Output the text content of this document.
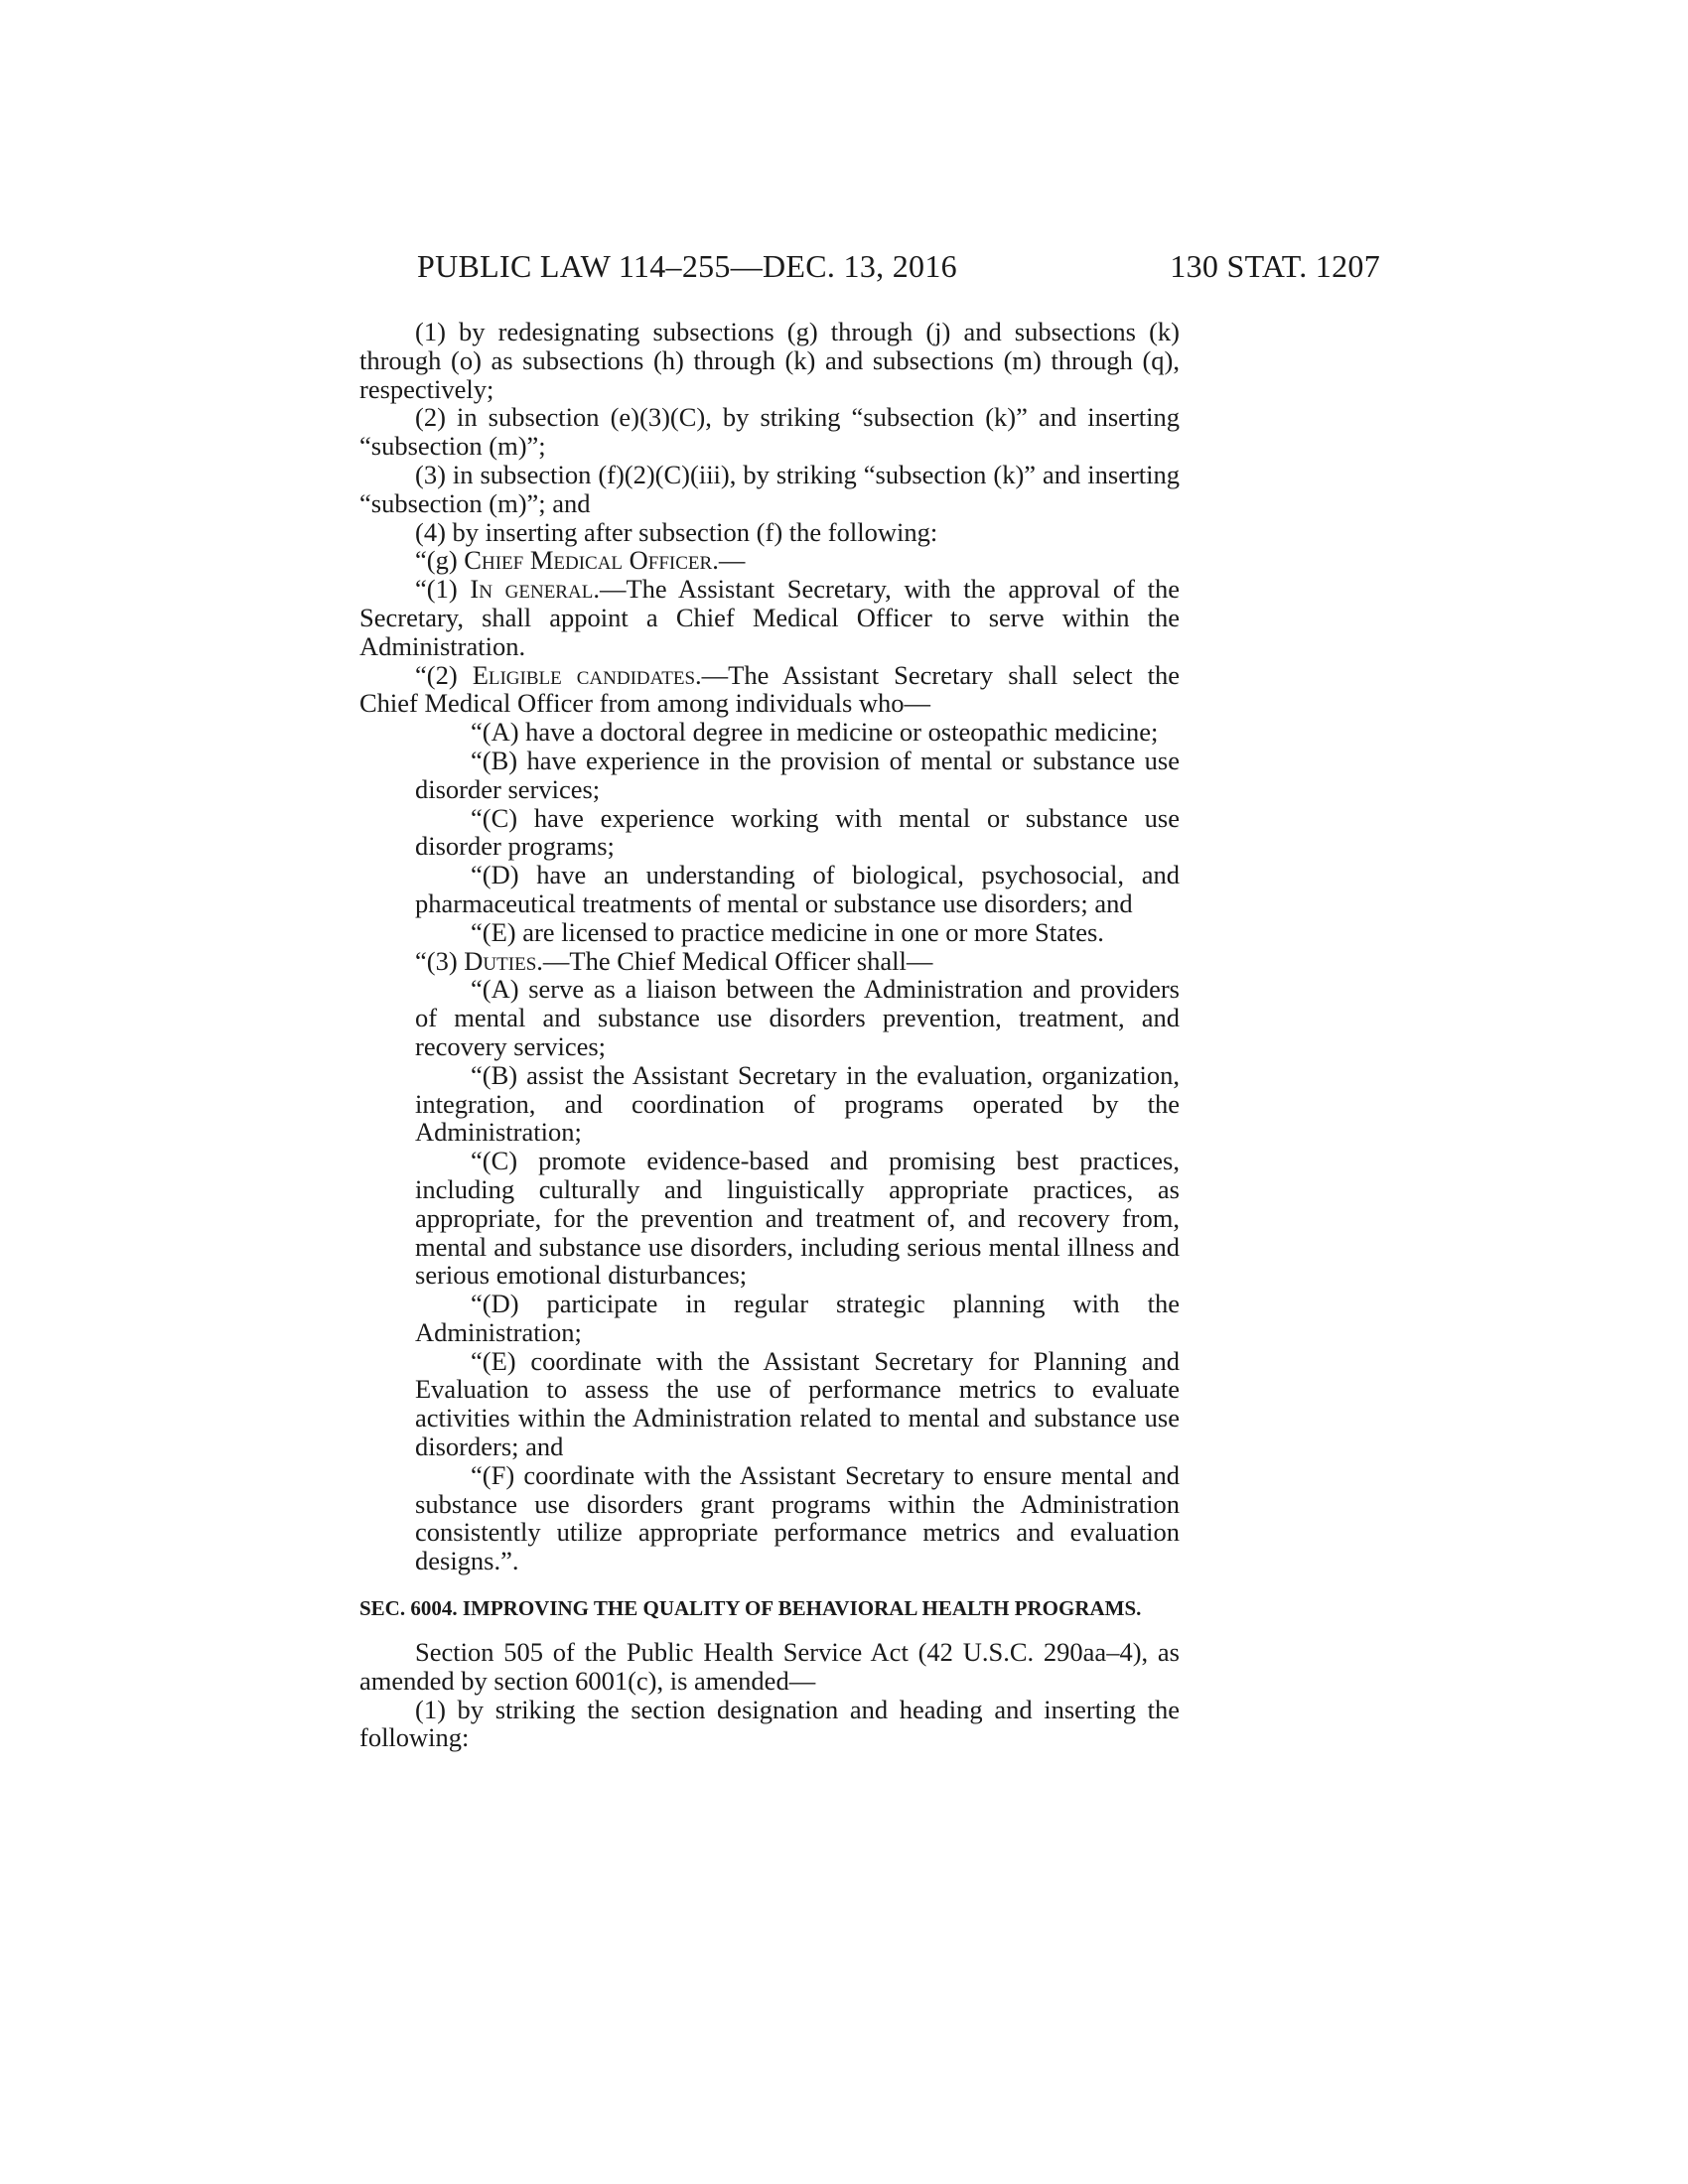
PUBLIC LAW 114–255—DEC. 13, 2016	130 STAT. 1207

(1) by redesignating subsections (g) through (j) and subsections (k) through (o) as subsections (h) through (k) and subsections (m) through (q), respectively;

(2) in subsection (e)(3)(C), by striking “subsection (k)” and inserting “subsection (m)”;

(3) in subsection (f)(2)(C)(iii), by striking “subsection (k)” and inserting “subsection (m)”; and

(4) by inserting after subsection (f) the following:

“(g) Chief Medical Officer.—

“(1) In general.—The Assistant Secretary, with the approval of the Secretary, shall appoint a Chief Medical Officer to serve within the Administration.

“(2) Eligible candidates.—The Assistant Secretary shall select the Chief Medical Officer from among individuals who—

“(A) have a doctoral degree in medicine or osteopathic medicine;

“(B) have experience in the provision of mental or substance use disorder services;

“(C) have experience working with mental or substance use disorder programs;

“(D) have an understanding of biological, psychosocial, and pharmaceutical treatments of mental or substance use disorders; and

“(E) are licensed to practice medicine in one or more States.

“(3) Duties.—The Chief Medical Officer shall—

“(A) serve as a liaison between the Administration and providers of mental and substance use disorders prevention, treatment, and recovery services;

“(B) assist the Assistant Secretary in the evaluation, organization, integration, and coordination of programs operated by the Administration;

“(C) promote evidence-based and promising best practices, including culturally and linguistically appropriate practices, as appropriate, for the prevention and treatment of, and recovery from, mental and substance use disorders, including serious mental illness and serious emotional disturbances;

“(D) participate in regular strategic planning with the Administration;

“(E) coordinate with the Assistant Secretary for Planning and Evaluation to assess the use of performance metrics to evaluate activities within the Administration related to mental and substance use disorders; and

“(F) coordinate with the Assistant Secretary to ensure mental and substance use disorders grant programs within the Administration consistently utilize appropriate performance metrics and evaluation designs.”.

SEC. 6004. IMPROVING THE QUALITY OF BEHAVIORAL HEALTH PROGRAMS.

Section 505 of the Public Health Service Act (42 U.S.C. 290aa–4), as amended by section 6001(c), is amended—

(1) by striking the section designation and heading and inserting the following:
